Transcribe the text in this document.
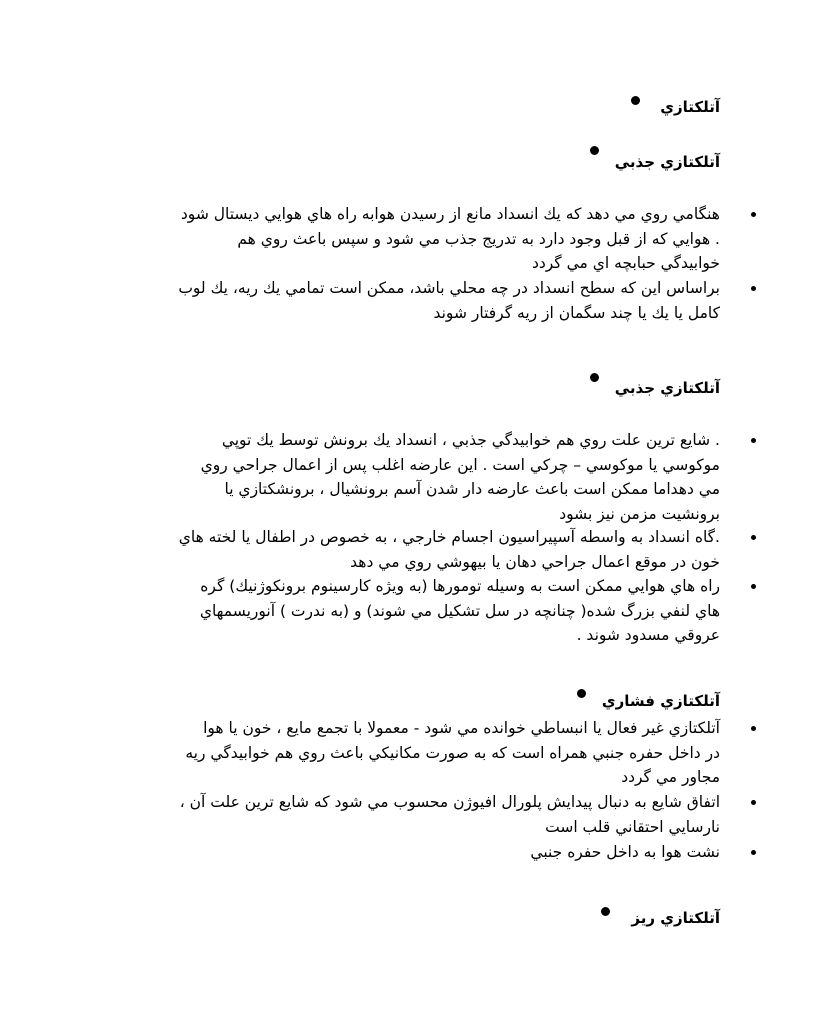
آتلكتازي
آتلكتازي جذبي
هنگامي روي مي دهد كه يك انسداد مانع از رسيدن هوابه راه هاي هوايي ديستال شود
. هوايي كه از قبل وجود دارد به تدريج جذب مي شود و سپس باعث روي هم
خوابيدگي حبابچه اي مي گردد
براساس اين كه سطح انسداد در چه محلي باشد، ممكن است تمامي يك ريه، يك لوب
كامل يا يك يا چند سگمان از ريه گرفتار شوند
آتلكتازي جذبي
. شايع ترين علت روي هم خوابيدگي جذبي ، انسداد يك برونش توسط يك توپي
موكوسي يا موكوسي – چركي است . اين عارضه اغلب پس از اعمال جراحي روي
مي دهداما ممكن است باعث عارضه دار شدن آسم برونشيال ، برونشكتازي يا
برونشيت مزمن نيز بشود
.گاه انسداد به واسطه آسپيراسيون اجسام خارجي ، به خصوص در اطفال يا لخته هاي
خون در موقع اعمال جراحي دهان يا بيهوشي روي مي دهد
راه هاي هوايي ممكن است به وسيله تومورها (به ويژه كارسينوم برونكوژنيك) گره
هاي لنفي بزرگ شده( چنانچه در سل تشكيل مي شوند) و (به ندرت ) آنوريسمهاي
عروقي مسدود شوند .
آتلكتازي فشاري
آتلكتازي غير فعال يا انبساطي خوانده مي شود - معمولا با تجمع مايع ، خون يا هوا
در داخل حفره جنبي همراه است كه به صورت مكانيكي باعث روي هم خوابيدگي ريه
مجاور مي گردد
اتفاق شايع به دنبال پيدايش پلورال افيوژن محسوب مي شود كه شايع ترين علت آن ،
نارسايي احتقاني قلب است
نشت هوا به داخل حفره جنبي
آتلكتازي ريز
